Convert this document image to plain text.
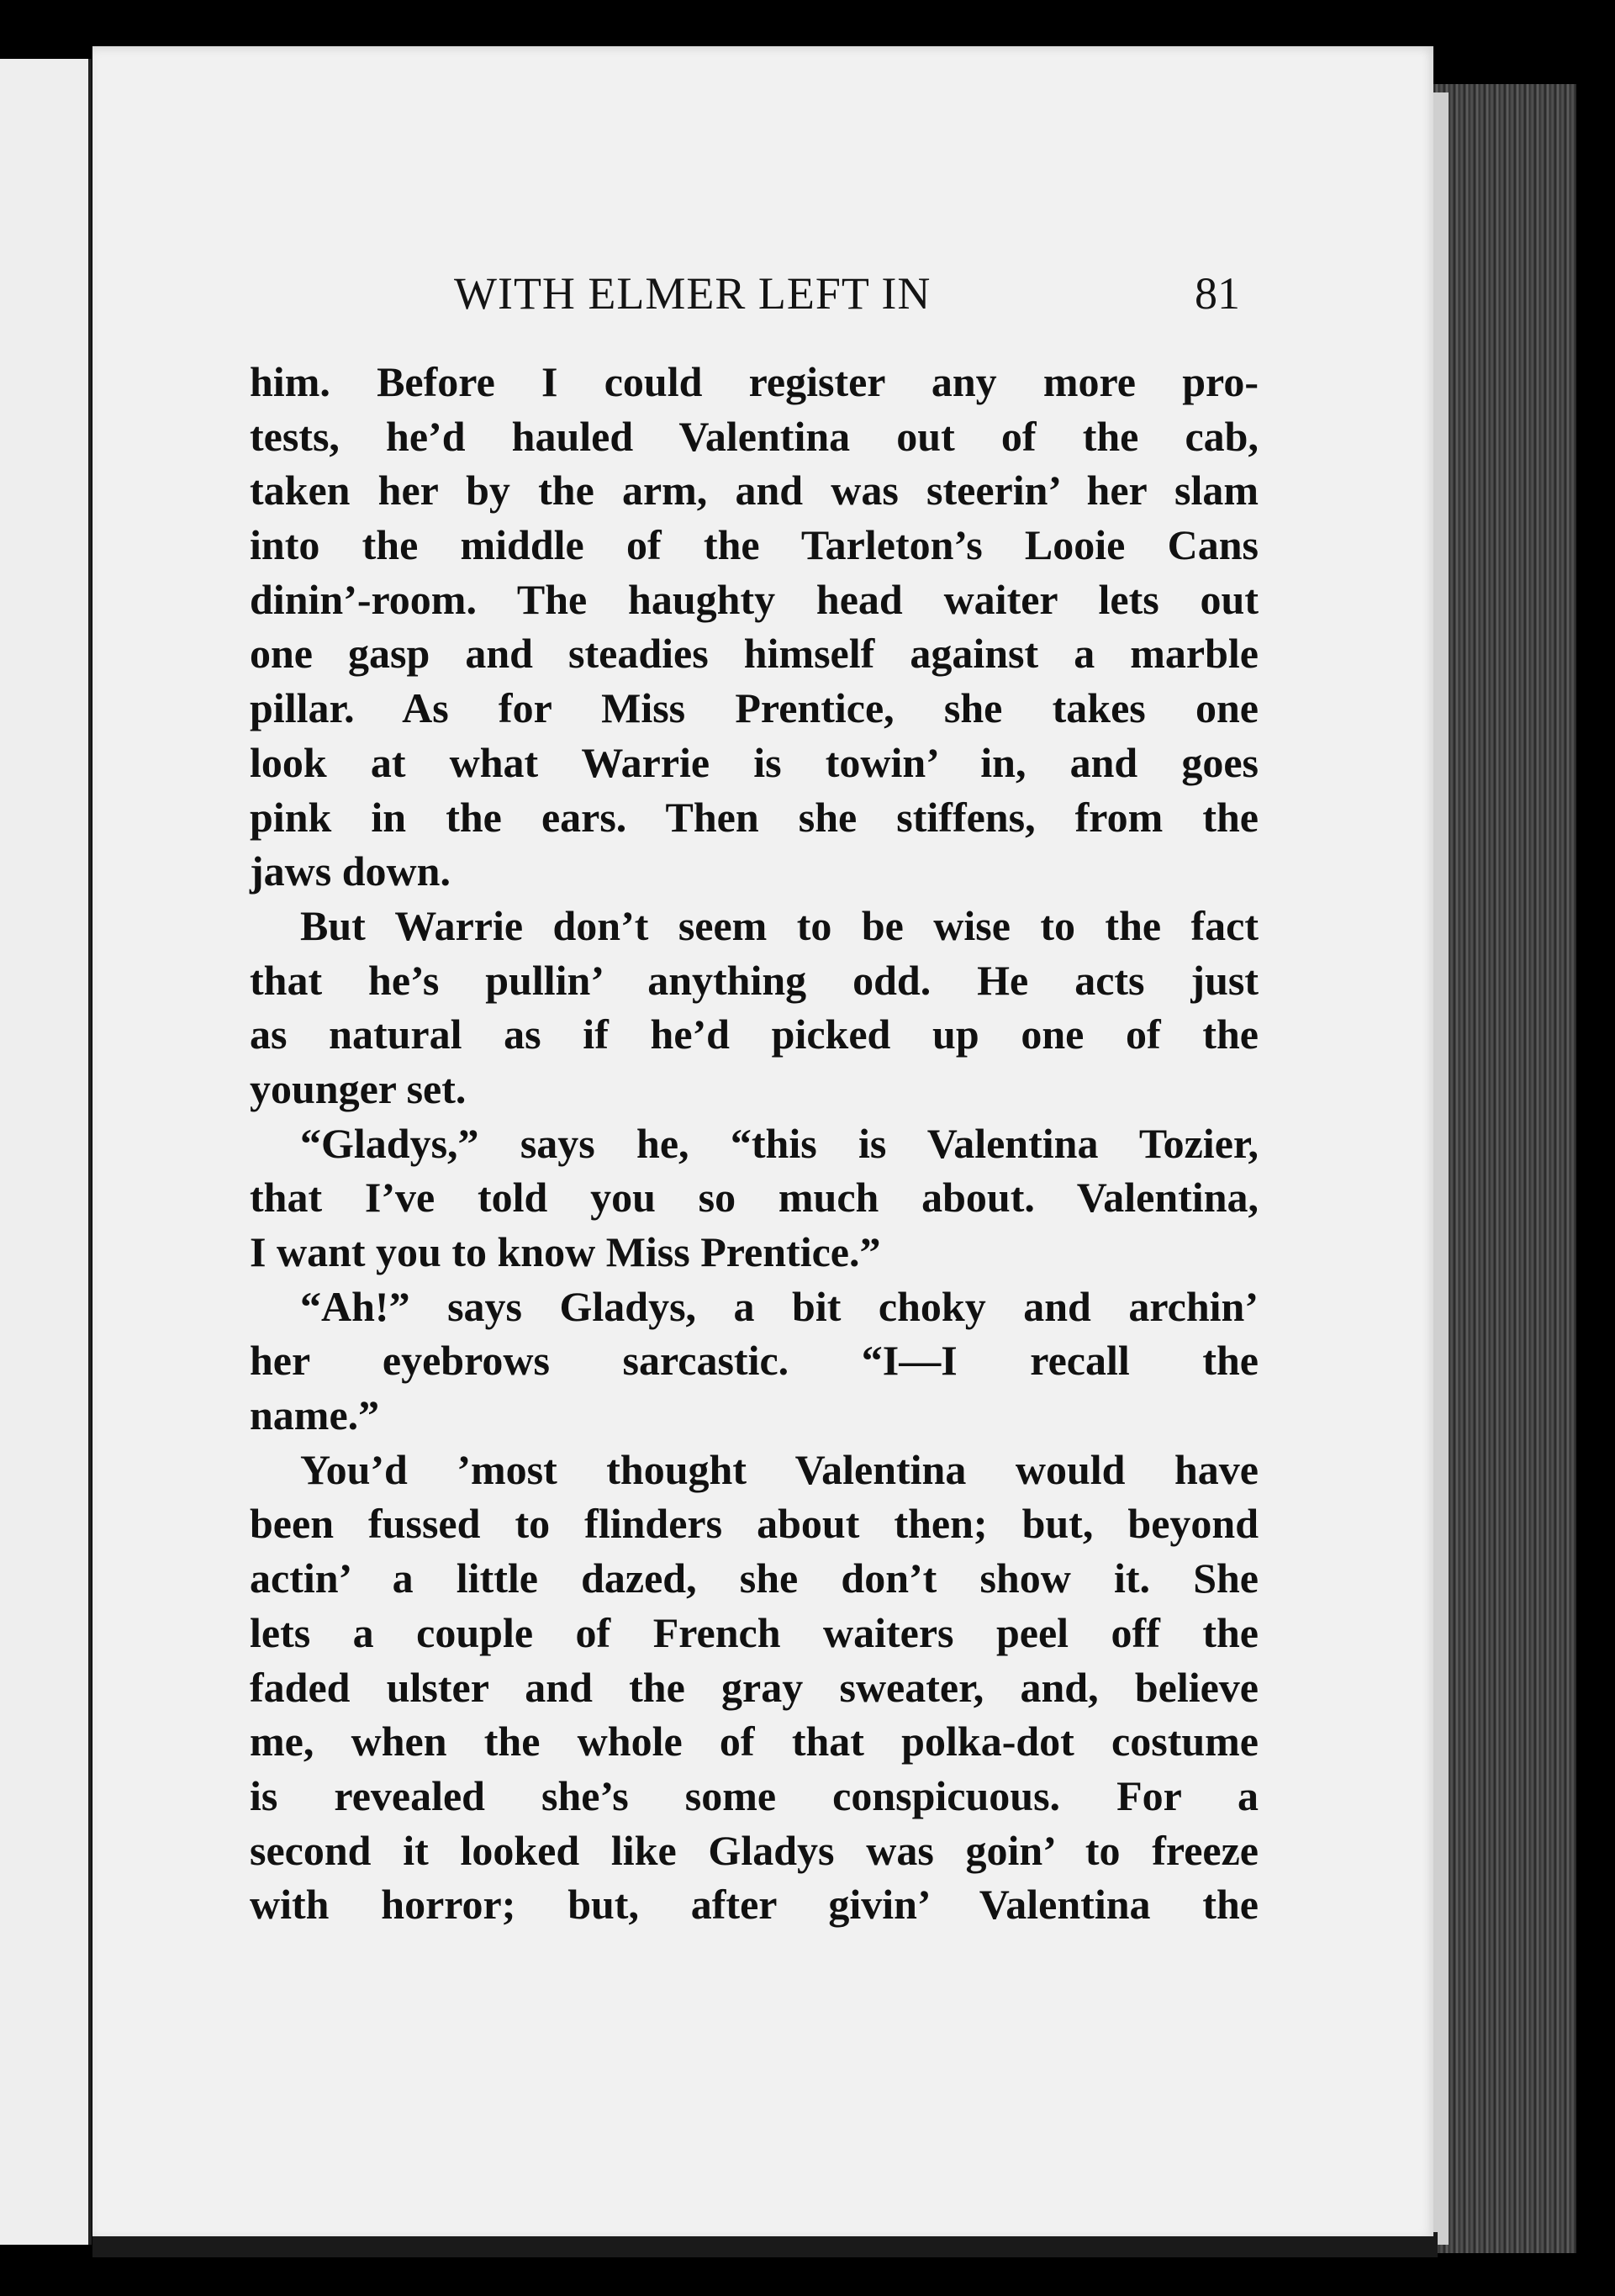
WITH ELMER LEFT IN	81
him. Before I could register any more pro-
tests, he’d hauled Valentina out of the cab,
taken her by the arm, and was steerin’ her slam
into the middle of the Tarleton’s Looie Cans
dinin’-room. The haughty head waiter lets out
one gasp and steadies himself against a marble
pillar. As for Miss Prentice, she takes one
look at what Warrie is towin’ in, and goes
pink in the ears. Then she stiffens, from the
jaws down.
But Warrie don’t seem to be wise to the fact
that he’s pullin’ anything odd. He acts just
as natural as if he’d picked up one of the
younger set.
“Gladys,” says he, “this is Valentina Tozier,
that I’ve told you so much about. Valentina,
I want you to know Miss Prentice.”
“Ah!” says Gladys, a bit choky and archin’
her eyebrows sarcastic. “I—I recall the
name.”
You’d ’most thought Valentina would have
been fussed to flinders about then; but, beyond
actin’ a little dazed, she don’t show it. She
lets a couple of French waiters peel off the
faded ulster and the gray sweater, and, believe
me, when the whole of that polka-dot costume
is revealed she’s some conspicuous. For a
second it looked like Gladys was goin’ to freeze
with horror; but, after givin’ Valentina the
